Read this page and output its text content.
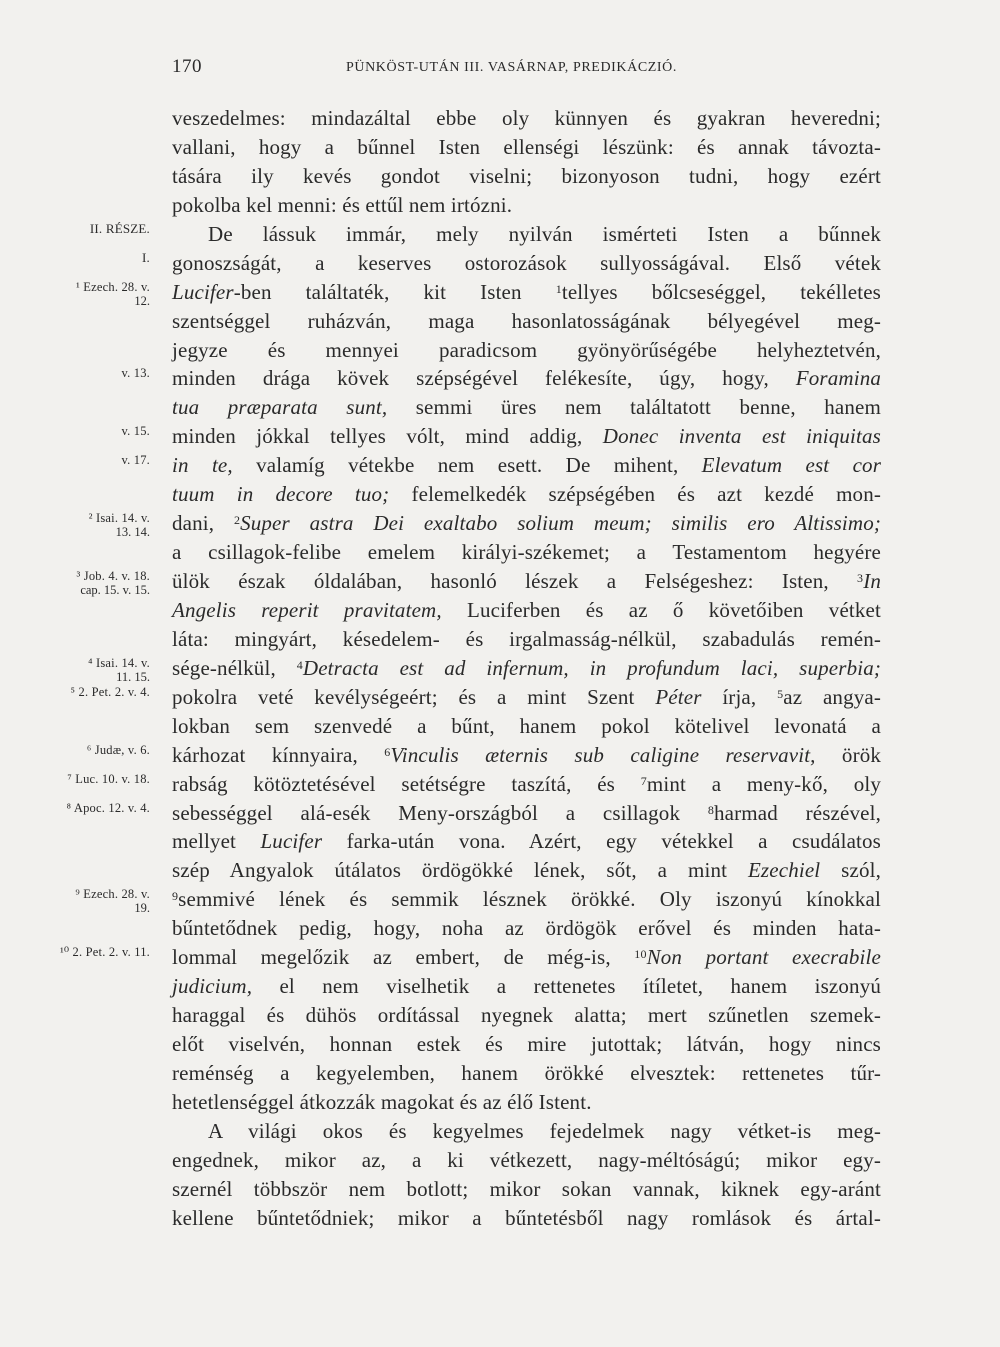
170	PÜNKÖST-UTÁN III. VASÁRNAP, PREDIKÁCZIÓ.
veszedelmes: mindazáltal ebbe oly künnyen és gyakran heveredni;
vallani, hogy a bűnnel Isten ellenségi lészünk: és annak távozta-
tására ily kevés gondot viselni; bizonyoson tudni, hogy ezért
pokolba kel menni: és ettűl nem irtózni.
De lássuk immár, mely nyilván ismérteti Isten a bűnnek
II. RÉSZE.
gonoszságát, a keserves ostorozások sullyosságával. Első vétek
I.
Lucifer-ben találtaték, kit Isten $^1$tellyes bőlcseséggel, tekélletes
¹ Ezech. 28. v.
12.
szentséggel ruházván, maga hasonlatosságának bélyegével meg-
jegyze és mennyei paradicsom gyönyörűségébe helyheztetvén,
minden drága kövek szépségével felékesíte, úgy, hogy, Foramina
v. 13.
tua præparata sunt, semmi üres nem találtatott benne, hanem
minden jókkal tellyes vólt, mind addig, Donec inventa est iniquitas
v. 15.
in te, valamíg vétekbe nem esett. De mihent, Elevatum est cor
v. 17.
tuum in decore tuo; felemelkedék szépségében és azt kezdé mon-
dani, $^2$Super astra Dei exaltabo solium meum; similis ero Altissimo;
² Isai. 14. v.
13. 14.
a csillagok-felibe emelem királyi-székemet; a Testamentom hegyére
ülök észak óldalában, hasonló lészek a Felségeshez: Isten, $^3$In
³ Job. 4. v. 18.
cap. 15. v. 15.
Angelis reperit pravitatem, Luciferben és az ő követőiben vétket
láta: mingyárt, késedelem- és irgalmasság-nélkül, szabadulás remén-
sége-nélkül, $^4$Detracta est ad infernum, in profundum laci, superbia;
⁴ Isai. 14. v.
11. 15.
pokolra veté kevélységeért; és a mint Szent Péter írja, $^5$az angya-
⁵ 2. Pet. 2. v. 4.
lokban sem szenvedé a bűnt, hanem pokol kötelivel levonatá a
kárhozat kínnyaira, $^6$Vinculis æternis sub caligine reservavit, örök
⁶ Judæ, v. 6.
rabság kötöztetésével setétségre taszítá, és $^7$mint a meny-kő, oly
⁷ Luc. 10. v. 18.
sebességgel alá-esék Meny-országból a csillagok $^8$harmad részével,
⁸ Apoc. 12. v. 4.
mellyet Lucifer farka-után vona. Azért, egy vétekkel a csudálatos
szép Angyalok útálatos ördögökké lének, sőt, a mint Ezechiel szól,
$^9$semmivé lének és semmik lésznek örökké. Oly iszonyú kínokkal
⁹ Ezech. 28. v.
19.
bűntetődnek pedig, hogy, noha az ördögök erővel és minden hata-
lommal megelőzik az embert, de még-is, $^{10}$Non portant execrabile
¹⁰ 2. Pet. 2. v. 11.
judicium, el nem viselhetik a rettenetes ítíletet, hanem iszonyú
haraggal és dühös ordítással nyegnek alatta; mert szűnetlen szemek-
előt viselvén, honnan estek és mire jutottak; látván, hogy nincs
reménség a kegyelemben, hanem örökké elvesztek: rettenetes tűr-
hetetlenséggel átkozzák magokat és az élő Istent.
A világi okos és kegyelmes fejedelmek nagy vétket-is meg-
engednek, mikor az, a ki vétkezett, nagy-méltóságú; mikor egy-
szernél többször nem botlott; mikor sokan vannak, kiknek egy-aránt
kellene bűntetődniek; mikor a bűntetésből nagy romlások és ártal-
